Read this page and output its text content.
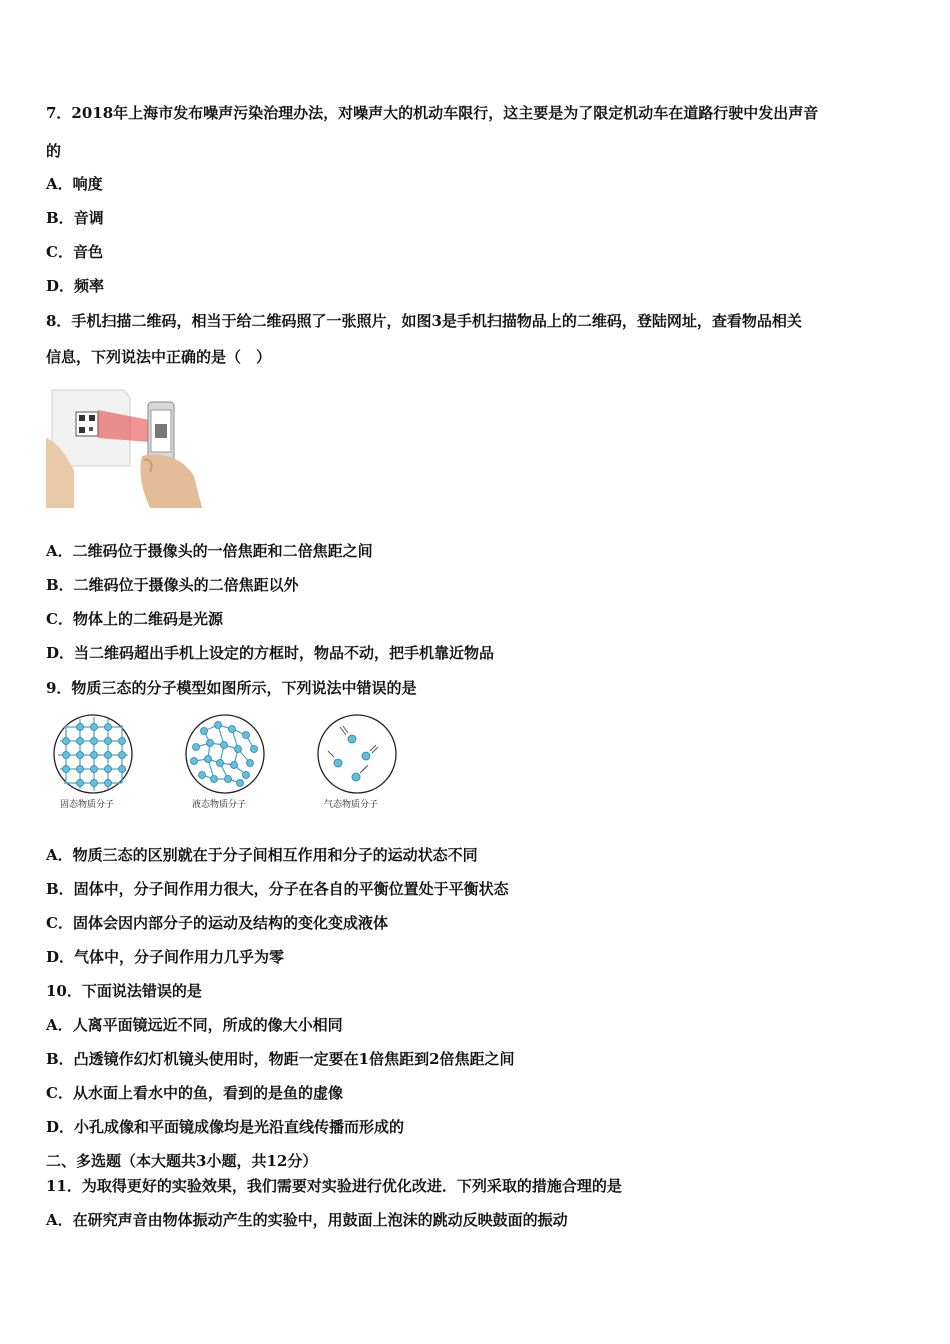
7．2018年上海市发布噪声污染治理办法，对噪声大的机动车限行，这主要是为了限定机动车在道路行驶中发出声音
的
A．响度
B．音调
C．音色
D．频率
8．手机扫描二维码，相当于给二维码照了一张照片，如图3是手机扫描物品上的二维码，登陆网址，查看物品相关
信息，下列说法中正确的是（　）
A．二维码位于摄像头的一倍焦距和二倍焦距之间
B．二维码位于摄像头的二倍焦距以外
C．物体上的二维码是光源
D．当二维码超出手机上设定的方框时，物品不动，把手机靠近物品
9．物质三态的分子模型如图所示，下列说法中错误的是
固态物质分子	液态物质分子	气态物质分子
A．物质三态的区别就在于分子间相互作用和分子的运动状态不同
B．固体中，分子间作用力很大，分子在各自的平衡位置处于平衡状态
C．固体会因内部分子的运动及结构的变化变成液体
D．气体中，分子间作用力几乎为零
10．下面说法错误的是
A．人离平面镜远近不同，所成的像大小相同
B．凸透镜作幻灯机镜头使用时，物距一定要在1倍焦距到2倍焦距之间
C．从水面上看水中的鱼，看到的是鱼的虚像
D．小孔成像和平面镜成像均是光沿直线传播而形成的
二、多选题（本大题共3小题，共12分）
11．为取得更好的实验效果，我们需要对实验进行优化改进．下列采取的措施合理的是
A．在研究声音由物体振动产生的实验中，用鼓面上泡沫的跳动反映鼓面的振动
